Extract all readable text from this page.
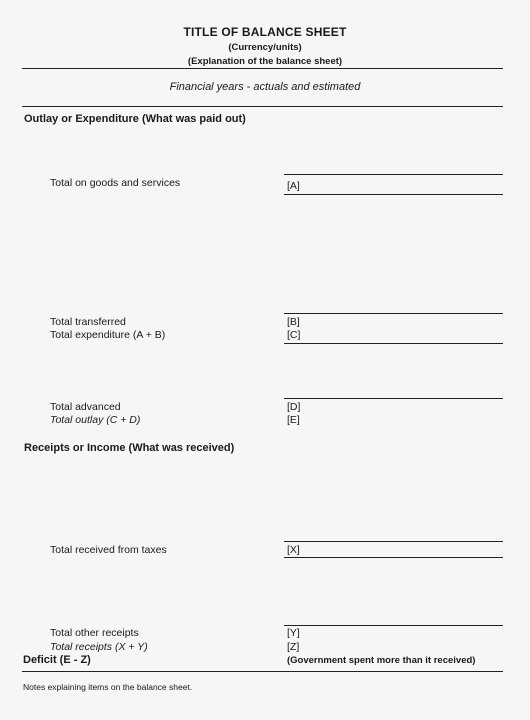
TITLE OF BALANCE SHEET
(Currency/units)
(Explanation of the balance sheet)
Financial years - actuals and estimated
Outlay or Expenditure (What was paid out)
Total on goods and services	[A]
Total transferred	[B]
Total expenditure (A + B)	[C]
Total advanced	[D]
Total outlay (C + D)	[E]
Receipts or Income (What was received)
Total received from taxes	[X]
Total other receipts	[Y]
Total receipts (X + Y)	[Z]
Deficit (E - Z)	(Government spent more than it received)
Notes explaining items on the balance sheet.
